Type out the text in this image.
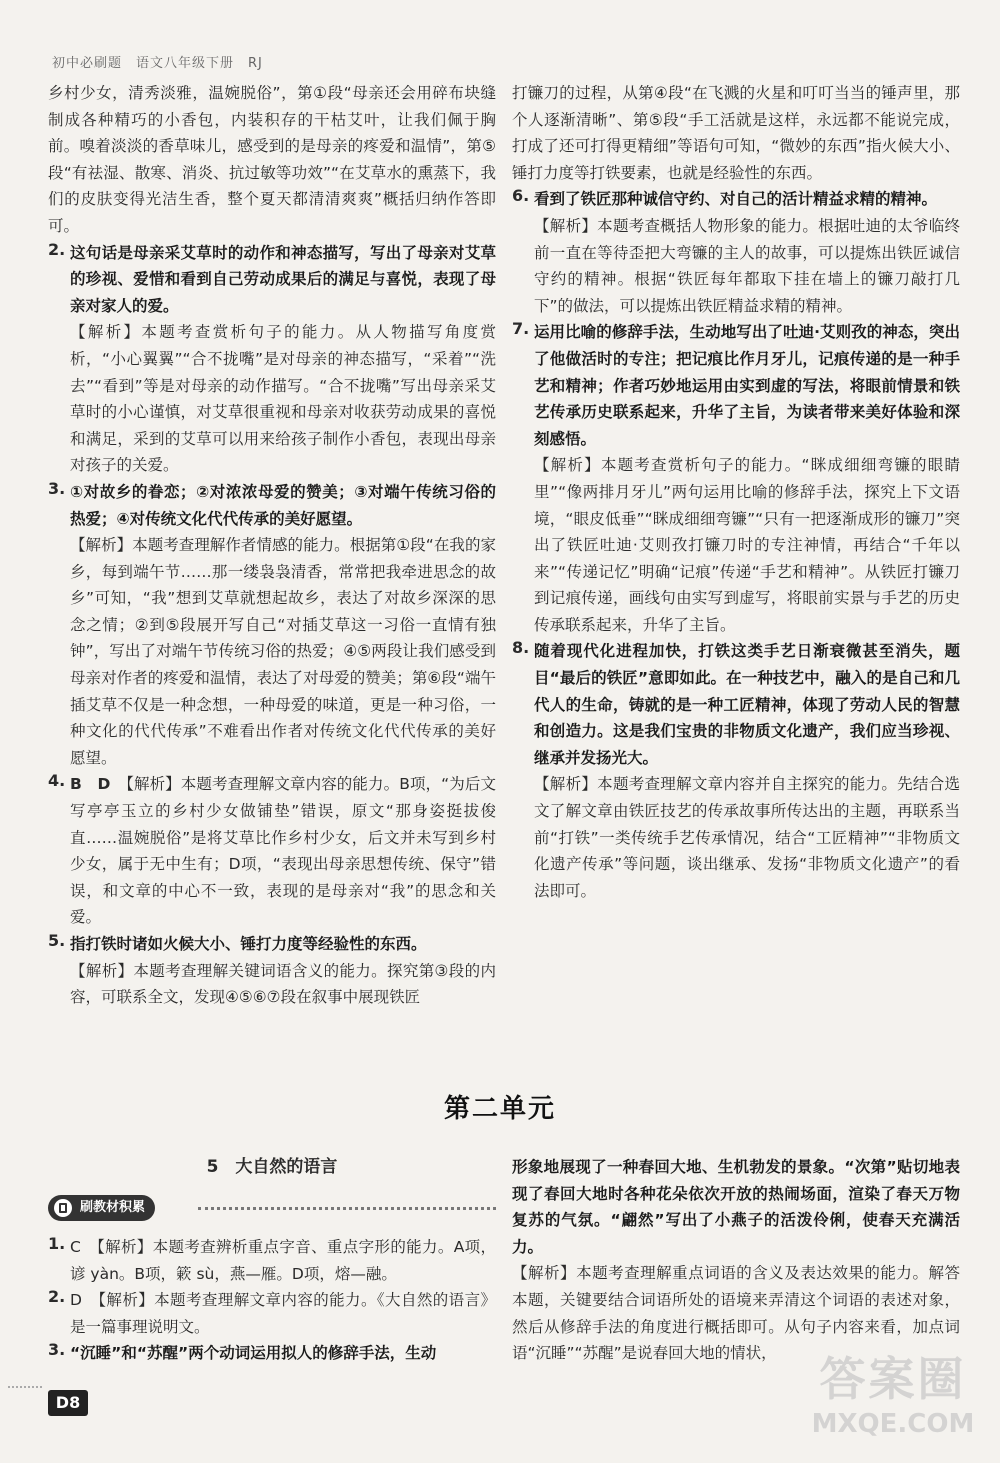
初中必刷题　语文八年级下册　RJ

乡村少女，清秀淡雅，温婉脱俗”，第①段“母亲还会用碎布块缝制成各种精巧的小香包，内装积存的干枯艾叶，让我们佩于胸前。嗅着淡淡的香草味儿，感受到的是母亲的疼爱和温情”，第⑤段“有祛湿、散寒、消炎、抗过敏等功效”“在艾草水的熏蒸下，我们的皮肤变得光洁生香，整个夏天都清清爽爽”概括归纳作答即可。

2. 这句话是母亲采艾草时的动作和神态描写，写出了母亲对艾草的珍视、爱惜和看到自己劳动成果后的满足与喜悦，表现了母亲对家人的爱。

【解析】本题考查赏析句子的能力。从人物描写角度赏析，“小心翼翼”“合不拢嘴”是对母亲的神态描写，“采着”“洗去”“看到”等是对母亲的动作描写。“合不拢嘴”写出母亲采艾草时的小心谨慎，对艾草很重视和母亲对收获劳动成果的喜悦和满足，采到的艾草可以用来给孩子制作小香包，表现出母亲对孩子的关爱。

3. ①对故乡的眷恋；②对浓浓母爱的赞美；③对端午传统习俗的热爱；④对传统文化代代传承的美好愿望。

【解析】本题考查理解作者情感的能力。根据第①段“在我的家乡，每到端午节……那一缕袅袅清香，常常把我牵进思念的故乡”可知，“我”想到艾草就想起故乡，表达了对故乡深深的思念之情；②到⑤段展开写自己“对插艾草这一习俗一直情有独钟”，写出了对端午节传统习俗的热爱；④⑤两段让我们感受到母亲对作者的疼爱和温情，表达了对母爱的赞美；第⑥段“端午插艾草不仅是一种念想，一种母爱的味道，更是一种习俗，一种文化的代代传承”不难看出作者对传统文化代代传承的美好愿望。

4. B　D　 【解析】本题考查理解文章内容的能力。B项，“为后文写亭亭玉立的乡村少女做铺垫”错误，原文“那身姿挺拔俊直……温婉脱俗”是将艾草比作乡村少女，后文并未写到乡村少女，属于无中生有；D项，“表现出母亲思想传统、保守”错误，和文章的中心不一致，表现的是母亲对“我”的思念和关爱。

5. 指打铁时诸如火候大小、锤打力度等经验性的东西。

【解析】本题考查理解关键词语含义的能力。探究第③段的内容，可联系全文，发现④⑤⑥⑦段在叙事中展现铁匠

打镰刀的过程，从第④段“在飞溅的火星和叮叮当当的锤声里，那个人逐渐清晰”、第⑤段“手工活就是这样，永远都不能说完成，打成了还可打得更精细”等语句可知，“微妙的东西”指火候大小、锤打力度等打铁要素，也就是经验性的东西。

6. 看到了铁匠那种诚信守约、对自己的活计精益求精的精神。

【解析】本题考查概括人物形象的能力。根据吐迪的太爷临终前一直在等待歪把大弯镰的主人的故事，可以提炼出铁匠诚信守约的精神。根据“铁匠每年都取下挂在墙上的镰刀敲打几下”的做法，可以提炼出铁匠精益求精的精神。

7. 运用比喻的修辞手法，生动地写出了吐迪·艾则孜的神态，突出了他做活时的专注；把记痕比作月牙儿，记痕传递的是一种手艺和精神；作者巧妙地运用由实到虚的写法，将眼前情景和铁艺传承历史联系起来，升华了主旨，为读者带来美好体验和深刻感悟。

【解析】本题考查赏析句子的能力。“眯成细细弯镰的眼睛里”“像两排月牙儿”两句运用比喻的修辞手法，探究上下文语境，“眼皮低垂”“眯成细细弯镰”“只有一把逐渐成形的镰刀”突出了铁匠吐迪·艾则孜打镰刀时的专注神情，再结合“千年以来”“传递记忆”明确“记痕”传递“手艺和精神”。从铁匠打镰刀到记痕传递，画线句由实写到虚写，将眼前实景与手艺的历史传承联系起来，升华了主旨。

8. 随着现代化进程加快，打铁这类手艺日渐衰微甚至消失，题目“最后的铁匠”意即如此。在一种技艺中，融入的是自己和几代人的生命，铸就的是一种工匠精神，体现了劳动人民的智慧和创造力。这是我们宝贵的非物质文化遗产，我们应当珍视、继承并发扬光大。

【解析】本题考查理解文章内容并自主探究的能力。先结合选文了解文章由铁匠技艺的传承故事所传达出的主题，再联系当前“打铁”一类传统手艺传承情况，结合“工匠精神”“非物质文化遗产传承”等问题，谈出继承、发扬“非物质文化遗产”的看法即可。

第二单元
5　大自然的语言
刷教材积累
1. C　【解析】本题考查辨析重点字音、重点字形的能力。A项，谚 yàn。B项，簌 sù，燕—雁。D项，熔—融。

2. D　【解析】本题考查理解文章内容的能力。《大自然的语言》是一篇事理说明文。

3. “沉睡”和“苏醒”两个动词运用拟人的修辞手法，生动

形象地展现了一种春回大地、生机勃发的景象。“次第”贴切地表现了春回大地时各种花朵依次开放的热闹场面，渲染了春天万物复苏的气氛。“翩然”写出了小燕子的活泼伶俐，使春天充满活力。

【解析】本题考查理解重点词语的含义及表达效果的能力。解答本题，关键要结合词语所处的语境来弄清这个词语的表述对象，然后从修辞手法的角度进行概括即可。从句子内容来看，加点词语“沉睡”“苏醒”是说春回大地的情状，

D8	答案圈
MXQE.COM
